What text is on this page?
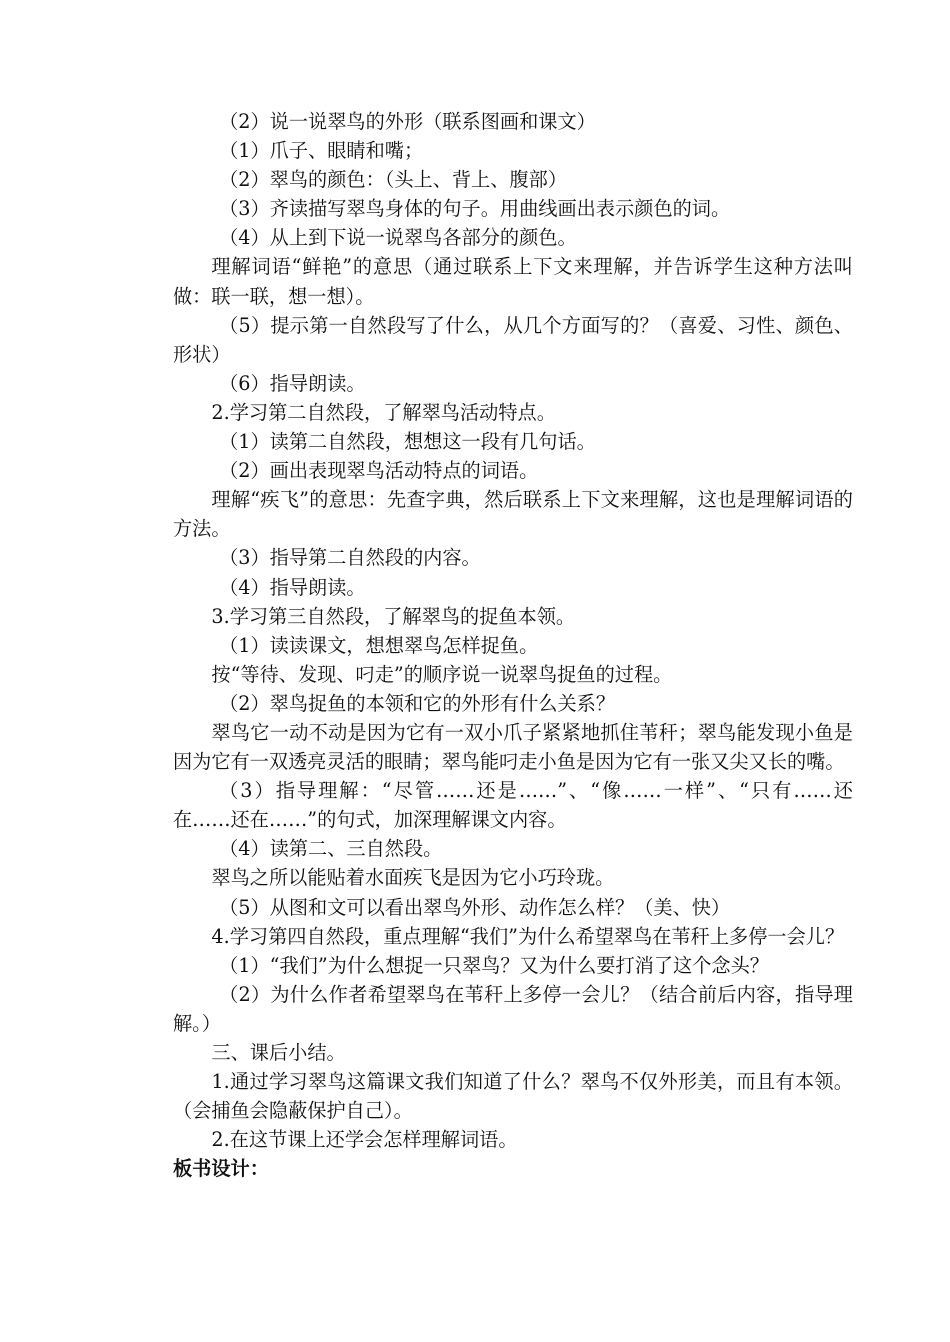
（2）说一说翠鸟的外形（联系图画和课文）

（1）爪子、眼睛和嘴；

（2）翠鸟的颜色：（头上、背上、腹部）

（3）齐读描写翠鸟身体的句子。用曲线画出表示颜色的词。

（4）从上到下说一说翠鸟各部分的颜色。

理解词语“鲜艳”的意思（通过联系上下文来理解，并告诉学生这种方法叫做：联一联，想一想）。

（5）提示第一自然段写了什么，从几个方面写的？（喜爱、习性、颜色、形状）

（6）指导朗读。

2.学习第二自然段，了解翠鸟活动特点。

（1）读第二自然段，想想这一段有几句话。

（2）画出表现翠鸟活动特点的词语。

理解“疾飞”的意思：先查字典，然后联系上下文来理解，这也是理解词语的方法。

（3）指导第二自然段的内容。

（4）指导朗读。

3.学习第三自然段，了解翠鸟的捉鱼本领。

（1）读读课文，想想翠鸟怎样捉鱼。

按“等待、发现、叼走”的顺序说一说翠鸟捉鱼的过程。

（2）翠鸟捉鱼的本领和它的外形有什么关系？

翠鸟它一动不动是因为它有一双小爪子紧紧地抓住苇秆；翠鸟能发现小鱼是因为它有一双透亮灵活的眼睛；翠鸟能叼走小鱼是因为它有一张又尖又长的嘴。

（3）指导理解：“尽管……还是……”、“像……一样”、“只有……还在……还在……”的句式，加深理解课文内容。

（4）读第二、三自然段。

翠鸟之所以能贴着水面疾飞是因为它小巧玲珑。

（5）从图和文可以看出翠鸟外形、动作怎么样？（美、快）

4.学习第四自然段，重点理解“我们”为什么希望翠鸟在苇秆上多停一会儿？

（1）“我们”为什么想捉一只翠鸟？又为什么要打消了这个念头？

（2）为什么作者希望翠鸟在苇秆上多停一会儿？（结合前后内容，指导理解。）

三、课后小结。

1.通过学习翠鸟这篇课文我们知道了什么？翠鸟不仅外形美，而且有本领。（会捕鱼会隐蔽保护自己）。

2.在这节课上还学会怎样理解词语。

板书设计：
